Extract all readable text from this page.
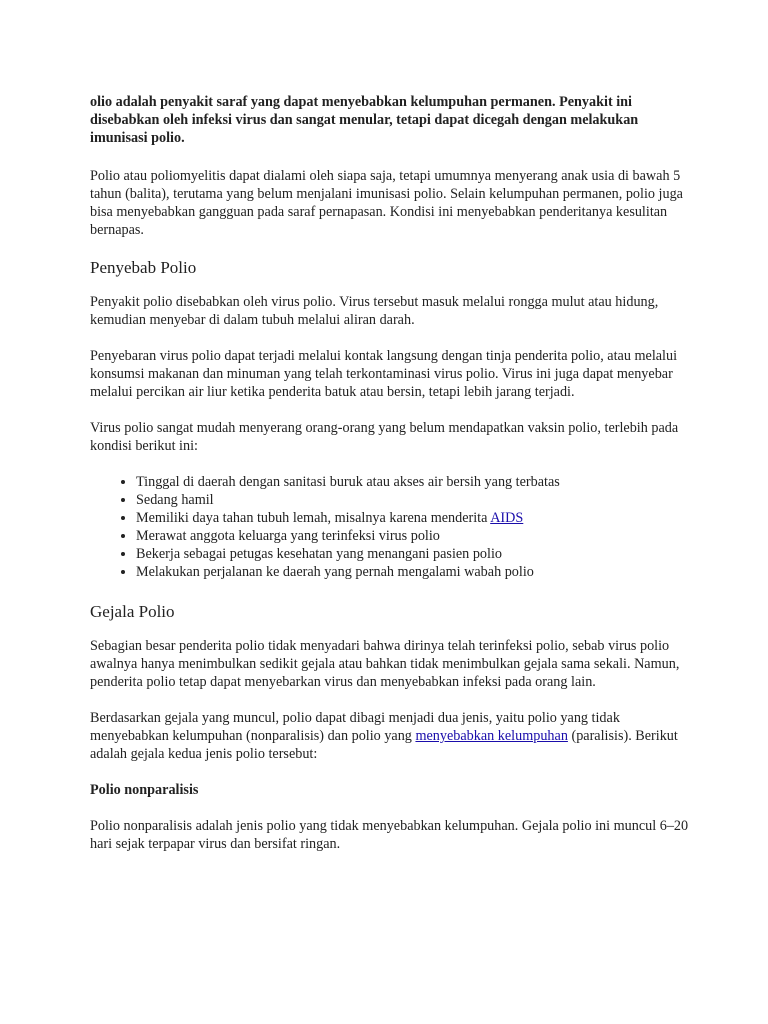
olio adalah penyakit saraf yang dapat menyebabkan kelumpuhan permanen. Penyakit ini disebabkan oleh infeksi virus dan sangat menular, tetapi dapat dicegah dengan melakukan imunisasi polio.

Polio atau poliomyelitis dapat dialami oleh siapa saja, tetapi umumnya menyerang anak usia di bawah 5 tahun (balita), terutama yang belum menjalani imunisasi polio. Selain kelumpuhan permanen, polio juga bisa menyebabkan gangguan pada saraf pernapasan. Kondisi ini menyebabkan penderitanya kesulitan bernapas.

Penyebab Polio

Penyakit polio disebabkan oleh virus polio. Virus tersebut masuk melalui rongga mulut atau hidung, kemudian menyebar di dalam tubuh melalui aliran darah.

Penyebaran virus polio dapat terjadi melalui kontak langsung dengan tinja penderita polio, atau melalui konsumsi makanan dan minuman yang telah terkontaminasi virus polio. Virus ini juga dapat menyebar melalui percikan air liur ketika penderita batuk atau bersin, tetapi lebih jarang terjadi.

Virus polio sangat mudah menyerang orang-orang yang belum mendapatkan vaksin polio, terlebih pada kondisi berikut ini:

• Tinggal di daerah dengan sanitasi buruk atau akses air bersih yang terbatas
• Sedang hamil
• Memiliki daya tahan tubuh lemah, misalnya karena menderita AIDS
• Merawat anggota keluarga yang terinfeksi virus polio
• Bekerja sebagai petugas kesehatan yang menangani pasien polio
• Melakukan perjalanan ke daerah yang pernah mengalami wabah polio
Gejala Polio

Sebagian besar penderita polio tidak menyadari bahwa dirinya telah terinfeksi polio, sebab virus polio awalnya hanya menimbulkan sedikit gejala atau bahkan tidak menimbulkan gejala sama sekali. Namun, penderita polio tetap dapat menyebarkan virus dan menyebabkan infeksi pada orang lain.

Berdasarkan gejala yang muncul, polio dapat dibagi menjadi dua jenis, yaitu polio yang tidak menyebabkan kelumpuhan (nonparalisis) dan polio yang menyebabkan kelumpuhan (paralisis). Berikut adalah gejala kedua jenis polio tersebut:

Polio nonparalisis

Polio nonparalisis adalah jenis polio yang tidak menyebabkan kelumpuhan. Gejala polio ini muncul 6–20 hari sejak terpapar virus dan bersifat ringan.
